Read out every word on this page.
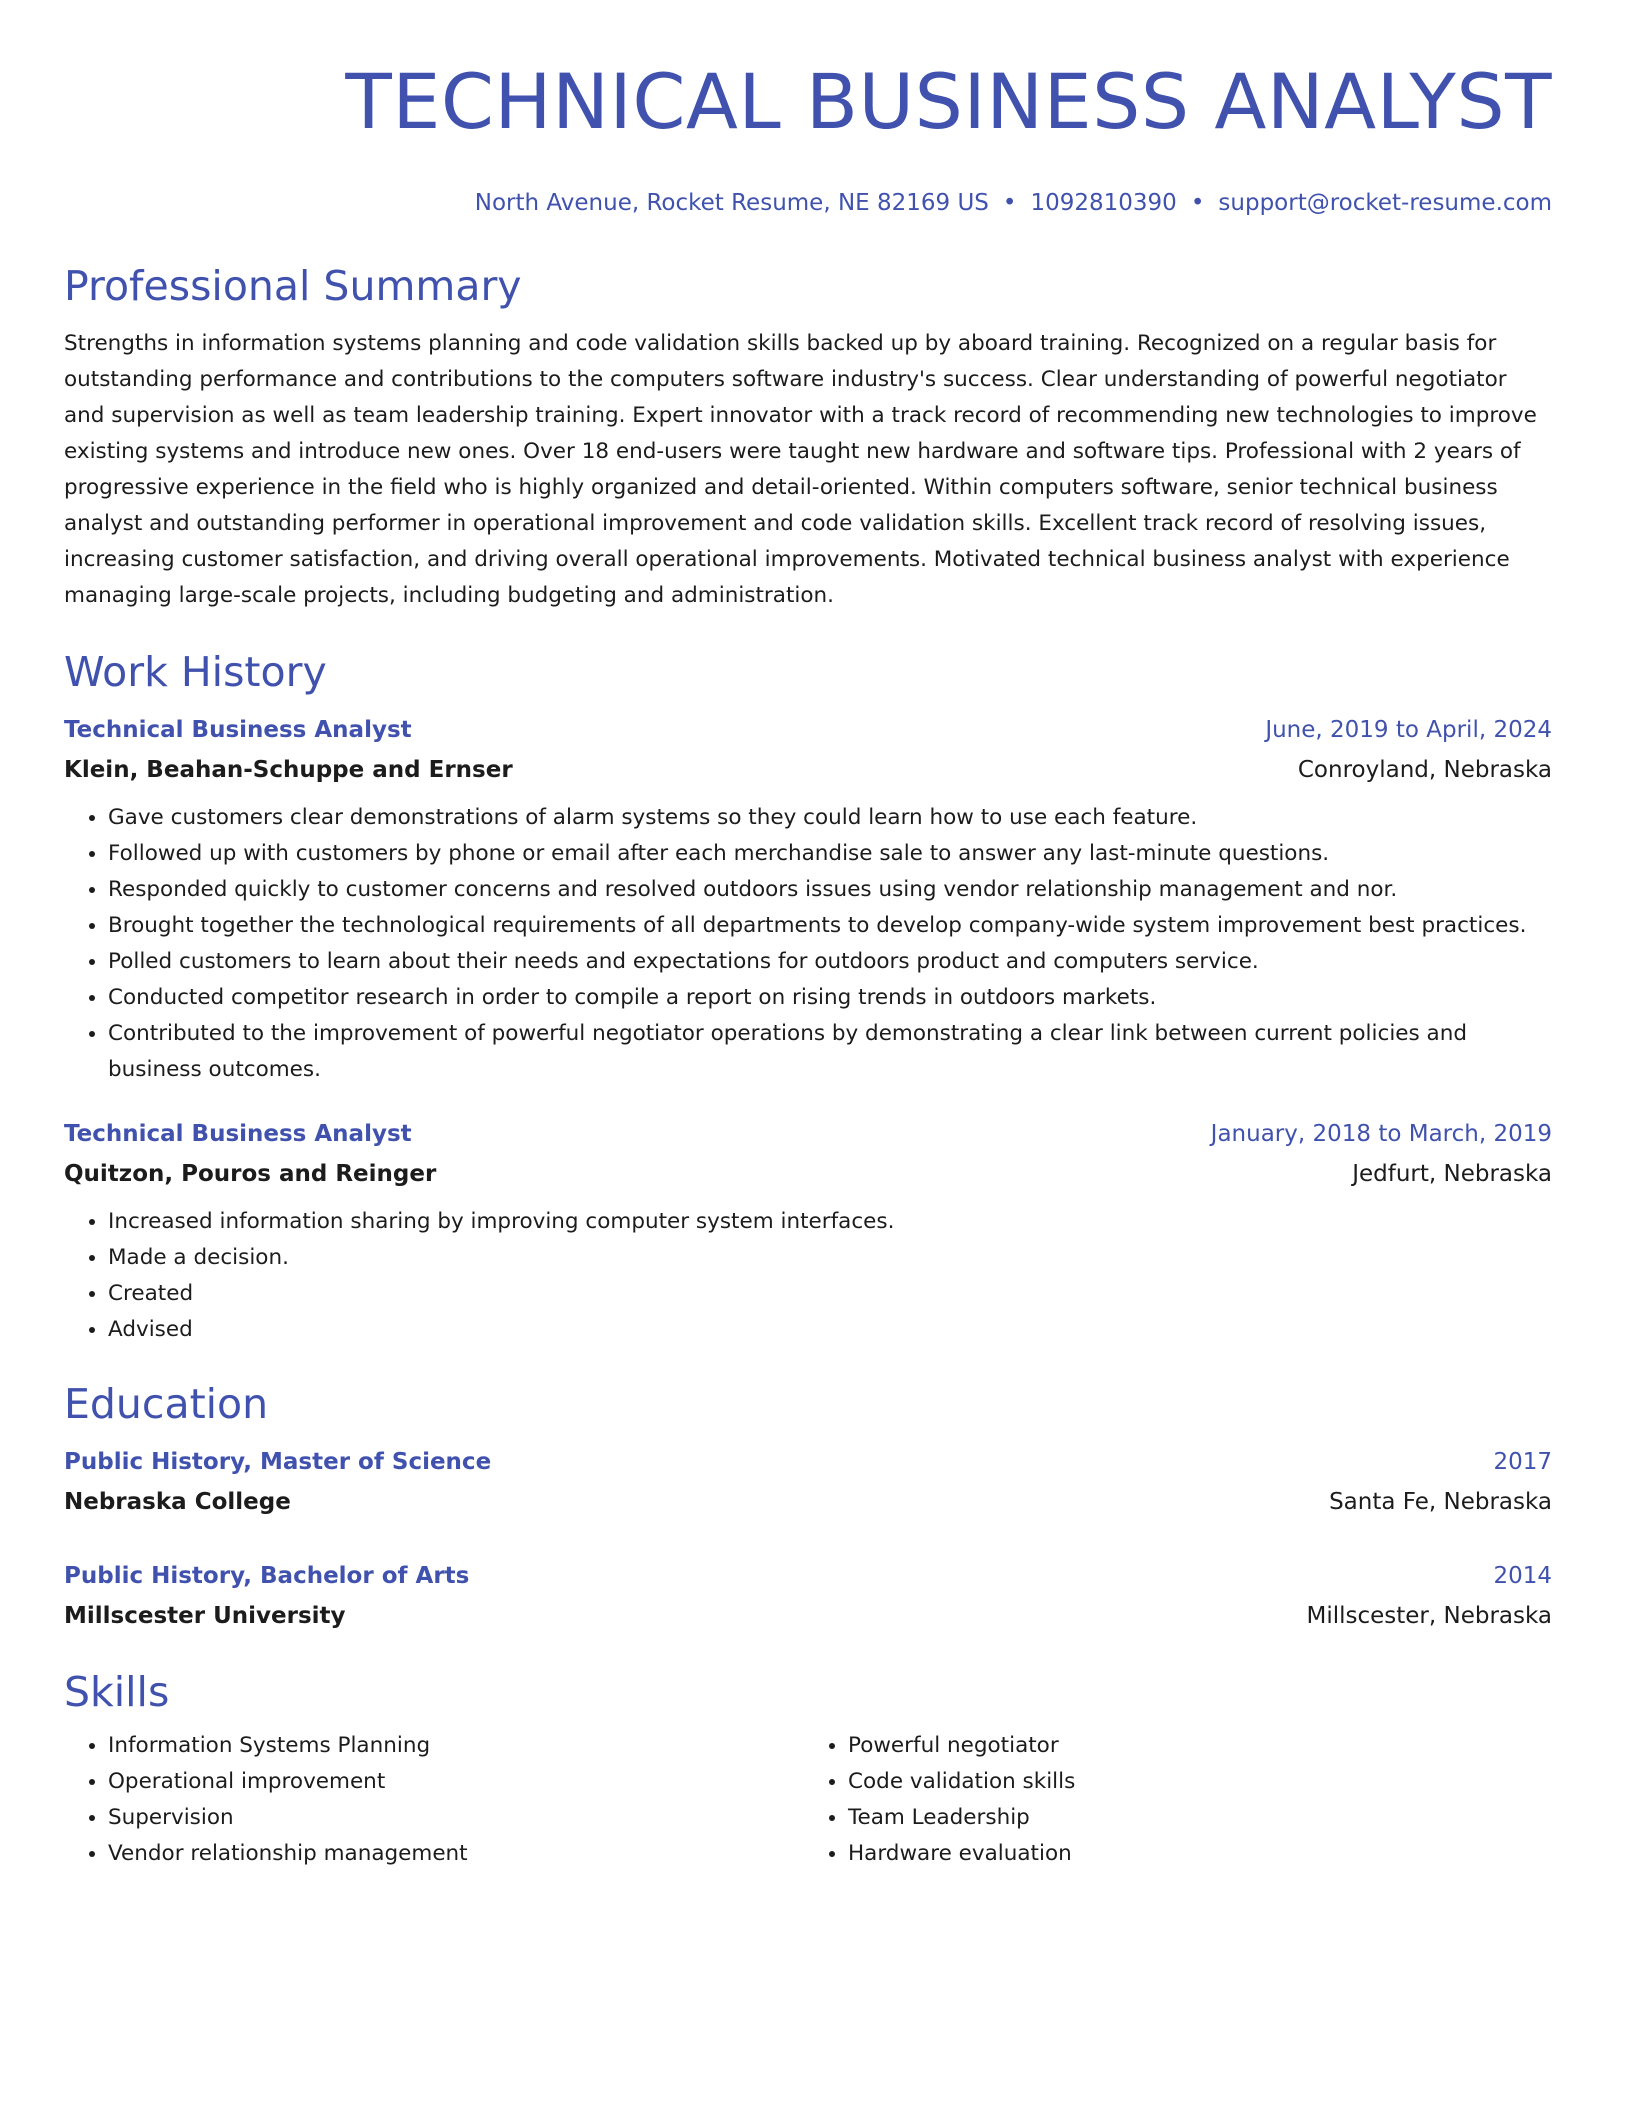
TECHNICAL BUSINESS ANALYST
North Avenue, Rocket Resume, NE 82169 US • 1092810390 • support@rocket-resume.com
Professional Summary
Strengths in information systems planning and code validation skills backed up by aboard training. Recognized on a regular basis for outstanding performance and contributions to the computers software industry's success. Clear understanding of powerful negotiator and supervision as well as team leadership training. Expert innovator with a track record of recommending new technologies to improve existing systems and introduce new ones. Over 18 end-users were taught new hardware and software tips. Professional with 2 years of progressive experience in the field who is highly organized and detail-oriented. Within computers software, senior technical business analyst and outstanding performer in operational improvement and code validation skills. Excellent track record of resolving issues, increasing customer satisfaction, and driving overall operational improvements. Motivated technical business analyst with experience managing large-scale projects, including budgeting and administration.
Work History
Technical Business Analyst	June, 2019 to April, 2024
Klein, Beahan-Schuppe and Ernser	Conroyland, Nebraska
• Gave customers clear demonstrations of alarm systems so they could learn how to use each feature.
• Followed up with customers by phone or email after each merchandise sale to answer any last-minute questions.
• Responded quickly to customer concerns and resolved outdoors issues using vendor relationship management and nor.
• Brought together the technological requirements of all departments to develop company-wide system improvement best practices.
• Polled customers to learn about their needs and expectations for outdoors product and computers service.
• Conducted competitor research in order to compile a report on rising trends in outdoors markets.
• Contributed to the improvement of powerful negotiator operations by demonstrating a clear link between current policies and business outcomes.
Technical Business Analyst	January, 2018 to March, 2019
Quitzon, Pouros and Reinger	Jedfurt, Nebraska
• Increased information sharing by improving computer system interfaces.
• Made a decision.
• Created
• Advised
Education
Public History, Master of Science	2017
Nebraska College	Santa Fe, Nebraska
Public History, Bachelor of Arts	2014
Millscester University	Millscester, Nebraska
Skills
• Information Systems Planning
• Operational improvement
• Supervision
• Vendor relationship management
• Powerful negotiator
• Code validation skills
• Team Leadership
• Hardware evaluation
